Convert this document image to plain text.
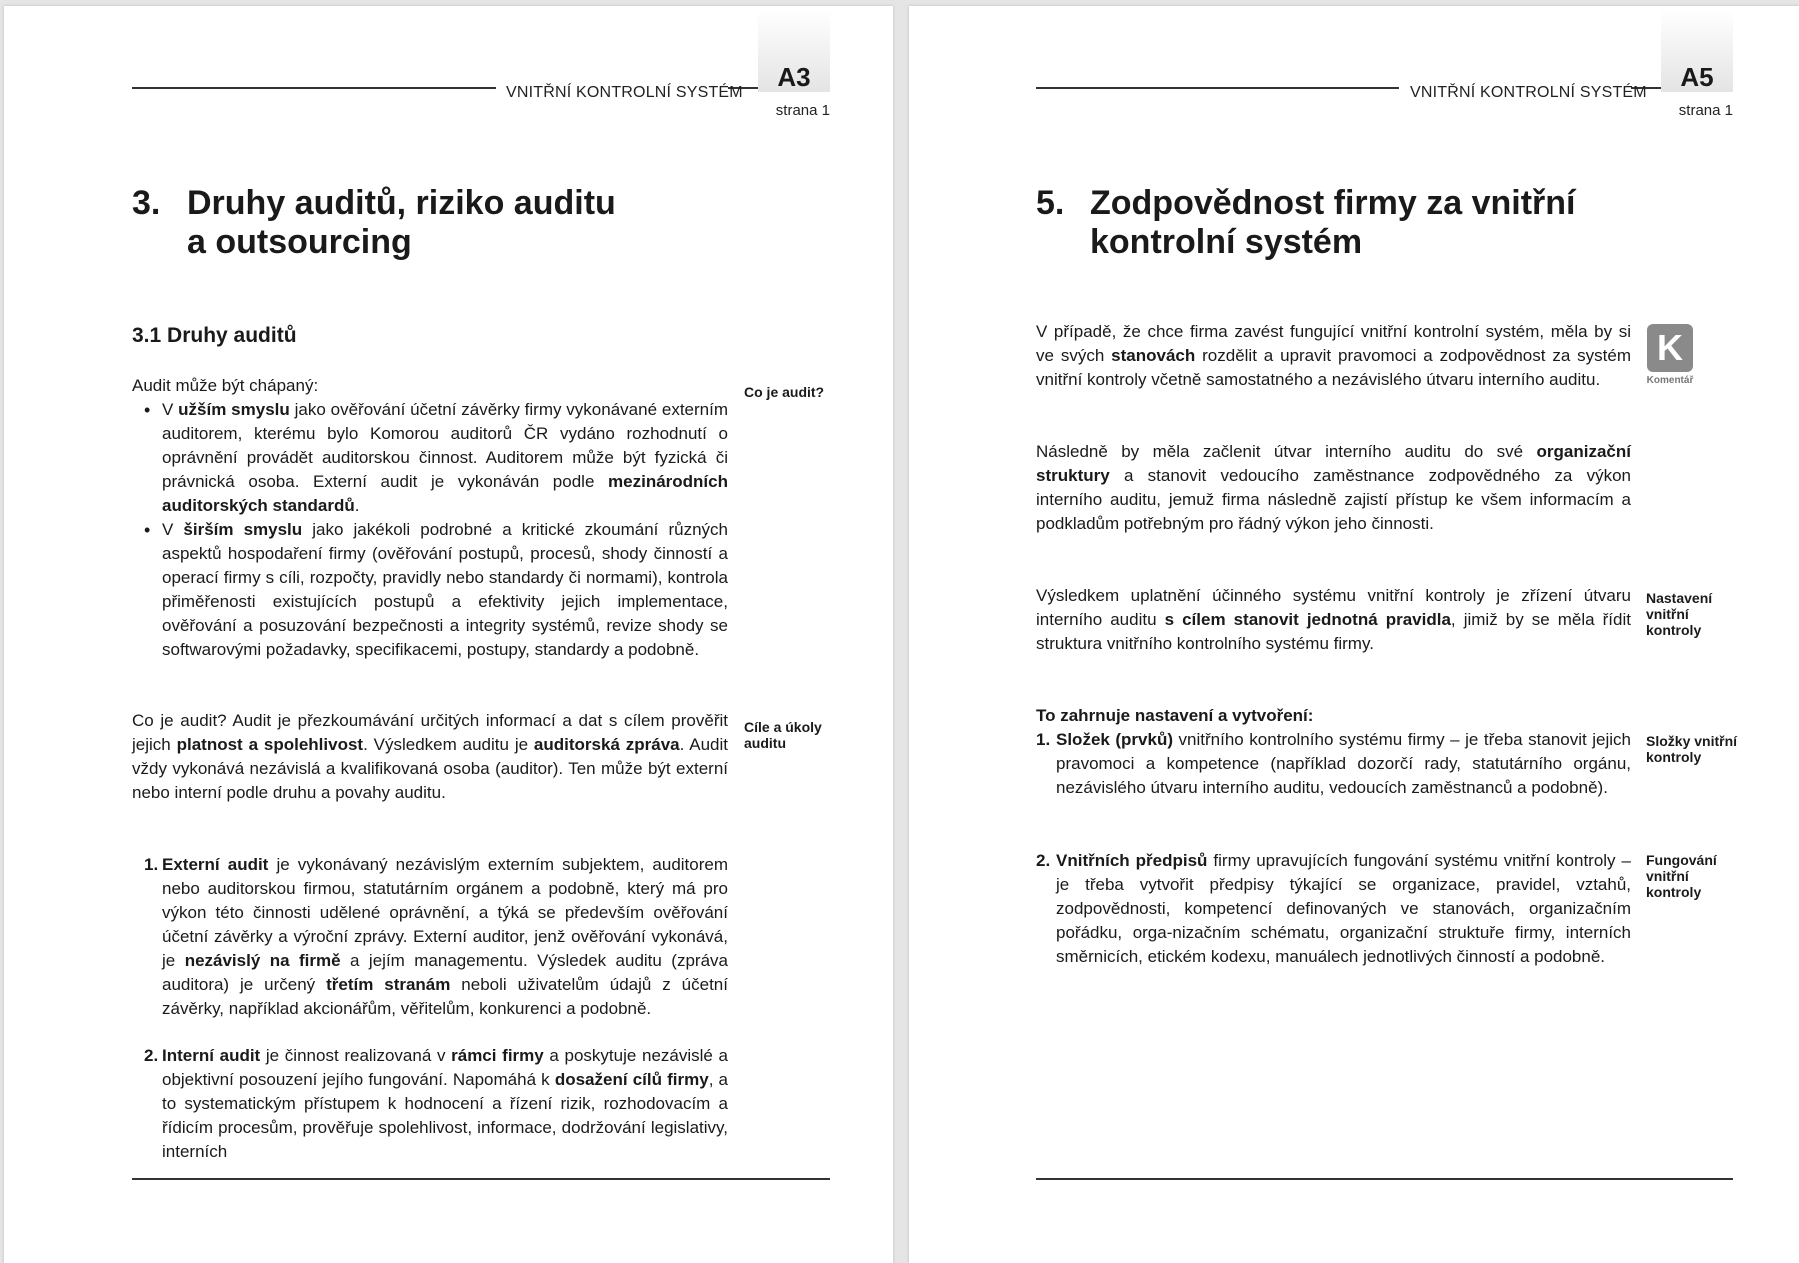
VNITŘNÍ KONTROLNÍ SYSTÉM
A3
strana 1
3. Druhy auditů, riziko auditu
a outsourcing
3.1 Druhy auditů
Audit může být chápaný:	Co je audit?
• V užším smyslu jako ověřování účetní závěrky firmy vykonávané externím auditorem, kterému bylo Komorou auditorů ČR vydáno rozhodnutí o oprávnění provádět auditorskou činnost. Auditorem může být fyzická či právnická osoba. Externí audit je vykonáván podle mezinárodních auditorských standardů.
• V širším smyslu jako jakékoli podrobné a kritické zkoumání různých aspektů hospodaření firmy (ověřování postupů, procesů, shody činností a operací firmy s cíli, rozpočty, pravidly nebo standardy či normami), kontrola přiměřenosti existujících postupů a efektivity jejich implementace, ověřování a posuzování bezpečnosti a integrity systémů, revize shody se softwarovými požadavky, specifikacemi, postupy, standardy a podobně.
Co je audit? Audit je přezkoumávání určitých informací a dat s cílem prověřit jejich platnost a spolehlivost. Výsledkem auditu je auditorská zpráva. Audit vždy vykonává nezávislá a kvalifikovaná osoba (auditor). Ten může být externí nebo interní podle druhu a povahy auditu.
Cíle a úkoly auditu
1. Externí audit je vykonávaný nezávislým externím subjektem, auditorem nebo auditorskou firmou, statutárním orgánem a podobně, který má pro výkon této činnosti udělené oprávnění, a týká se především ověřování účetní závěrky a výroční zprávy. Externí auditor, jenž ověřování vykonává, je nezávislý na firmě a jejím managementu. Výsledek auditu (zpráva auditora) je určený třetím stranám neboli uživatelům údajů z účetní závěrky, například akcionářům, věřitelům, konkurenci a podobně.
2. Interní audit je činnost realizovaná v rámci firmy a poskytuje nezávislé a objektivní posouzení jejího fungování. Napomáhá k dosažení cílů firmy, a to systematickým přístupem k hodnocení a řízení rizik, rozhodovacím a řídicím procesům, prověřuje spolehlivost, informace, dodržování legislativy, interních
VNITŘNÍ KONTROLNÍ SYSTÉM
A5
strana 1
5. Zodpovědnost firmy za vnitřní
kontrolní systém
V případě, že chce firma zavést fungující vnitřní kontrolní systém, měla by si ve svých stanovách rozdělit a upravit pravomoci a zodpovědnost za systém vnitřní kontroly včetně samostatného a nezávislého útvaru interního auditu.
K
Komentář
Následně by měla začlenit útvar interního auditu do své organizační struktury a stanovit vedoucího zaměstnance zodpovědného za výkon interního auditu, jemuž firma následně zajistí přístup ke všem informacím a podkladům potřebným pro řádný výkon jeho činnosti.
Výsledkem uplatnění účinného systému vnitřní kontroly je zřízení útvaru interního auditu s cílem stanovit jednotná pravidla, jimiž by se měla řídit struktura vnitřního kontrolního systému firmy.
Nastavení vnitřní kontroly
To zahrnuje nastavení a vytvoření:
1. Složek (prvků) vnitřního kontrolního systému firmy – je třeba stanovit jejich pravomoci a kompetence (například dozorčí rady, statutárního orgánu, nezávislého útvaru interního auditu, vedoucích zaměstnanců a podobně).
Složky vnitřní kontroly
2. Vnitřních předpisů firmy upravujících fungování systému vnitřní kontroly – je třeba vytvořit předpisy týkající se organizace, pravidel, vztahů, zodpovědnosti, kompetencí definovaných ve stanovách, organizačním pořádku, orga-nizačním schématu, organizační struktuře firmy, interních směrnicích, etickém kodexu, manuálech jednotlivých činností a podobně.
Fungování vnitřní kontroly
